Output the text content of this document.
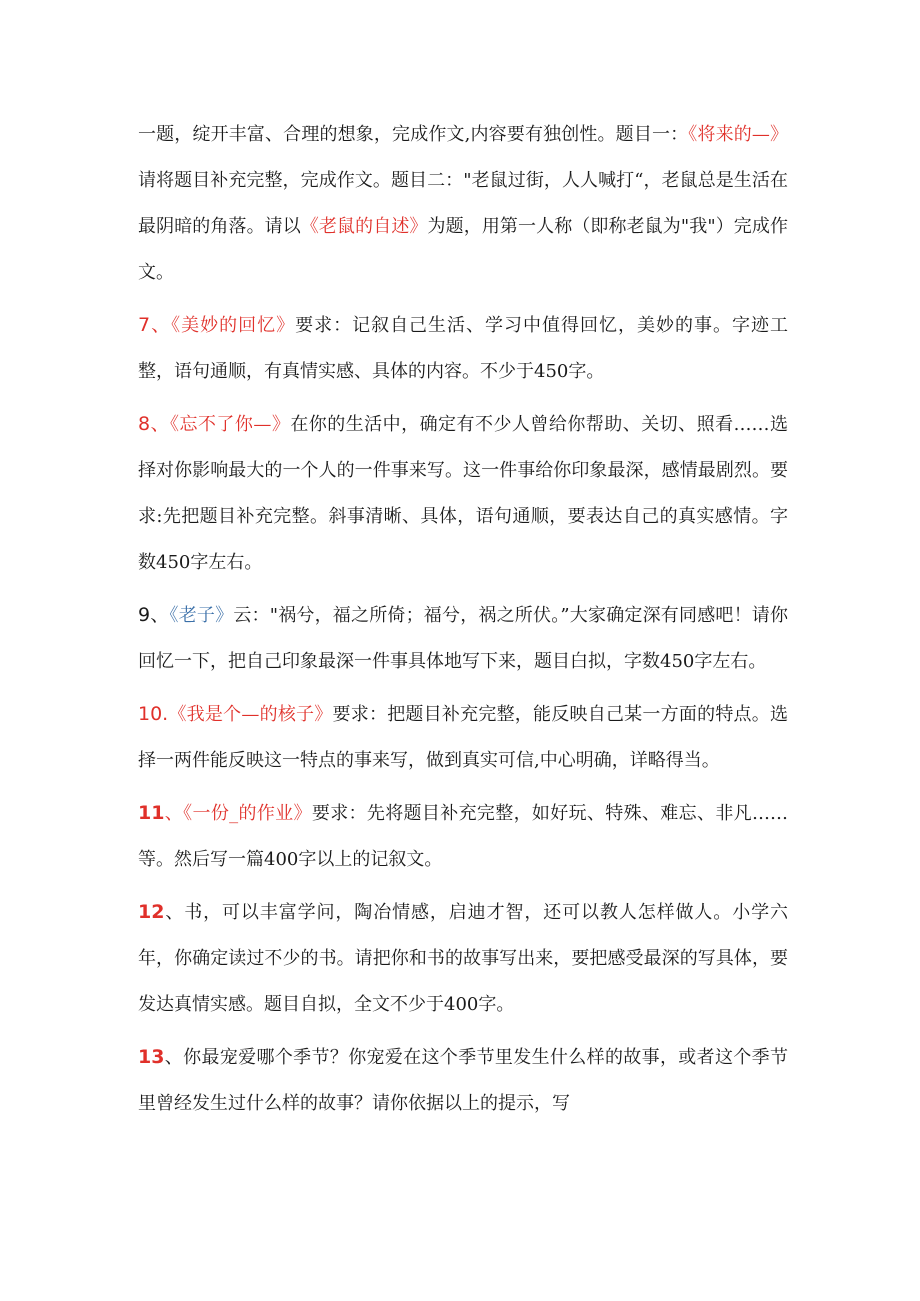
一题，绽开丰富、合理的想象，完成作文,内容要有独创性。题目一：《将来的—》请将题目补充完整，完成作文。题目二："老鼠过街，人人喊打“，老鼠总是生活在最阴暗的角落。请以《老鼠的自述》为题，用第一人称（即称老鼠为"我"）完成作文。

7、《美妙的回忆》要求：记叙自己生活、学习中值得回忆，美妙的事。字迹工整，语句通顺，有真情实感、具体的内容。不少于450字。

8、《忘不了你—》在你的生活中，确定有不少人曾给你帮助、关切、照看……选择对你影响最大的一个人的一件事来写。这一件事给你印象最深，感情最剧烈。要求:先把题目补充完整。斜事清晰、具体，语句通顺，要表达自己的真实感情。字数450字左右。

9、《老子》云："祸兮，福之所倚；福兮，祸之所伏。”大家确定深有同感吧！请你回忆一下，把自己印象最深一件事具体地写下来，题目白拟，字数450字左右。

10.《我是个—的核子》要求：把题目补充完整，能反映自己某一方面的特点。选择一两件能反映这一特点的事来写，做到真实可信,中心明确，详略得当。

11、《一份_的作业》要求：先将题目补充完整，如好玩、特殊、难忘、非凡……等。然后写一篇400字以上的记叙文。

12、书，可以丰富学问，陶冶情感，启迪才智，还可以教人怎样做人。小学六年，你确定读过不少的书。请把你和书的故事写出来，要把感受最深的写具体，要发达真情实感。题目自拟，全文不少于400字。

13、你最宠爱哪个季节？你宠爱在这个季节里发生什么样的故事，或者这个季节里曾经发生过什么样的故事？请你依据以上的提示，写
